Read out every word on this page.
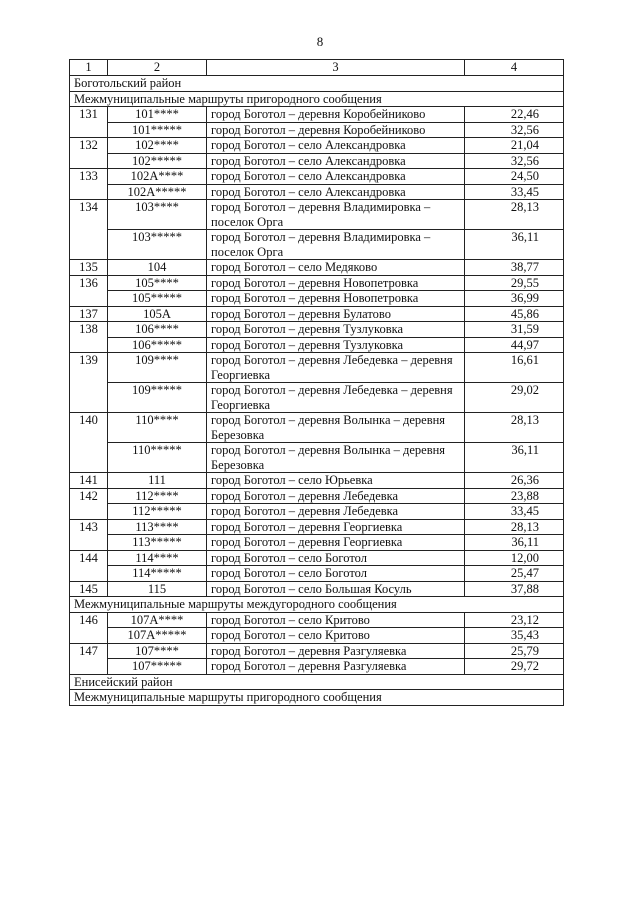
8
1	2	3	4
Боготольский район			
Межмуниципальные маршруты пригородного сообщения			
131	101****	город Боготол – деревня Коробейниково	22,46
	101*****	город Боготол – деревня Коробейниково	32,56
132	102****	город Боготол – село Александровка	21,04
	102*****	город Боготол – село Александровка	32,56
133	102А****	город Боготол – село Александровка	24,50
	102А*****	город Боготол – село Александровка	33,45
134	103****	город Боготол – деревня Владимировка – поселок Орга	28,13
	103*****	город Боготол – деревня Владимировка – поселок Орга	36,11
135	104	город Боготол – село Медяково	38,77
136	105****	город Боготол – деревня Новопетровка	29,55
	105*****	город Боготол – деревня Новопетровка	36,99
137	105А	город Боготол – деревня Булатово	45,86
138	106****	город Боготол – деревня Тузлуковка	31,59
	106*****	город Боготол – деревня Тузлуковка	44,97
139	109****	город Боготол – деревня Лебедевка – деревня Георгиевка	16,61
	109*****	город Боготол – деревня Лебедевка – деревня Георгиевка	29,02
140	110****	город Боготол – деревня Волынка – деревня Березовка	28,13
	110*****	город Боготол – деревня Волынка – деревня Березовка	36,11
141	111	город Боготол – село Юрьевка	26,36
142	112****	город Боготол – деревня Лебедевка	23,88
	112*****	город Боготол – деревня Лебедевка	33,45
143	113****	город Боготол – деревня Георгиевка	28,13
	113*****	город Боготол – деревня Георгиевка	36,11
144	114****	город Боготол – село Боготол	12,00
	114*****	город Боготол – село Боготол	25,47
145	115	город Боготол – село Большая Косуль	37,88
Межмуниципальные маршруты междугородного сообщения			
146	107А****	город Боготол – село Критово	23,12
	107А*****	город Боготол – село Критово	35,43
147	107****	город Боготол – деревня Разгуляевка	25,79
	107*****	город Боготол – деревня Разгуляевка	29,72
Енисейский район			
Межмуниципальные маршруты пригородного сообщения			
